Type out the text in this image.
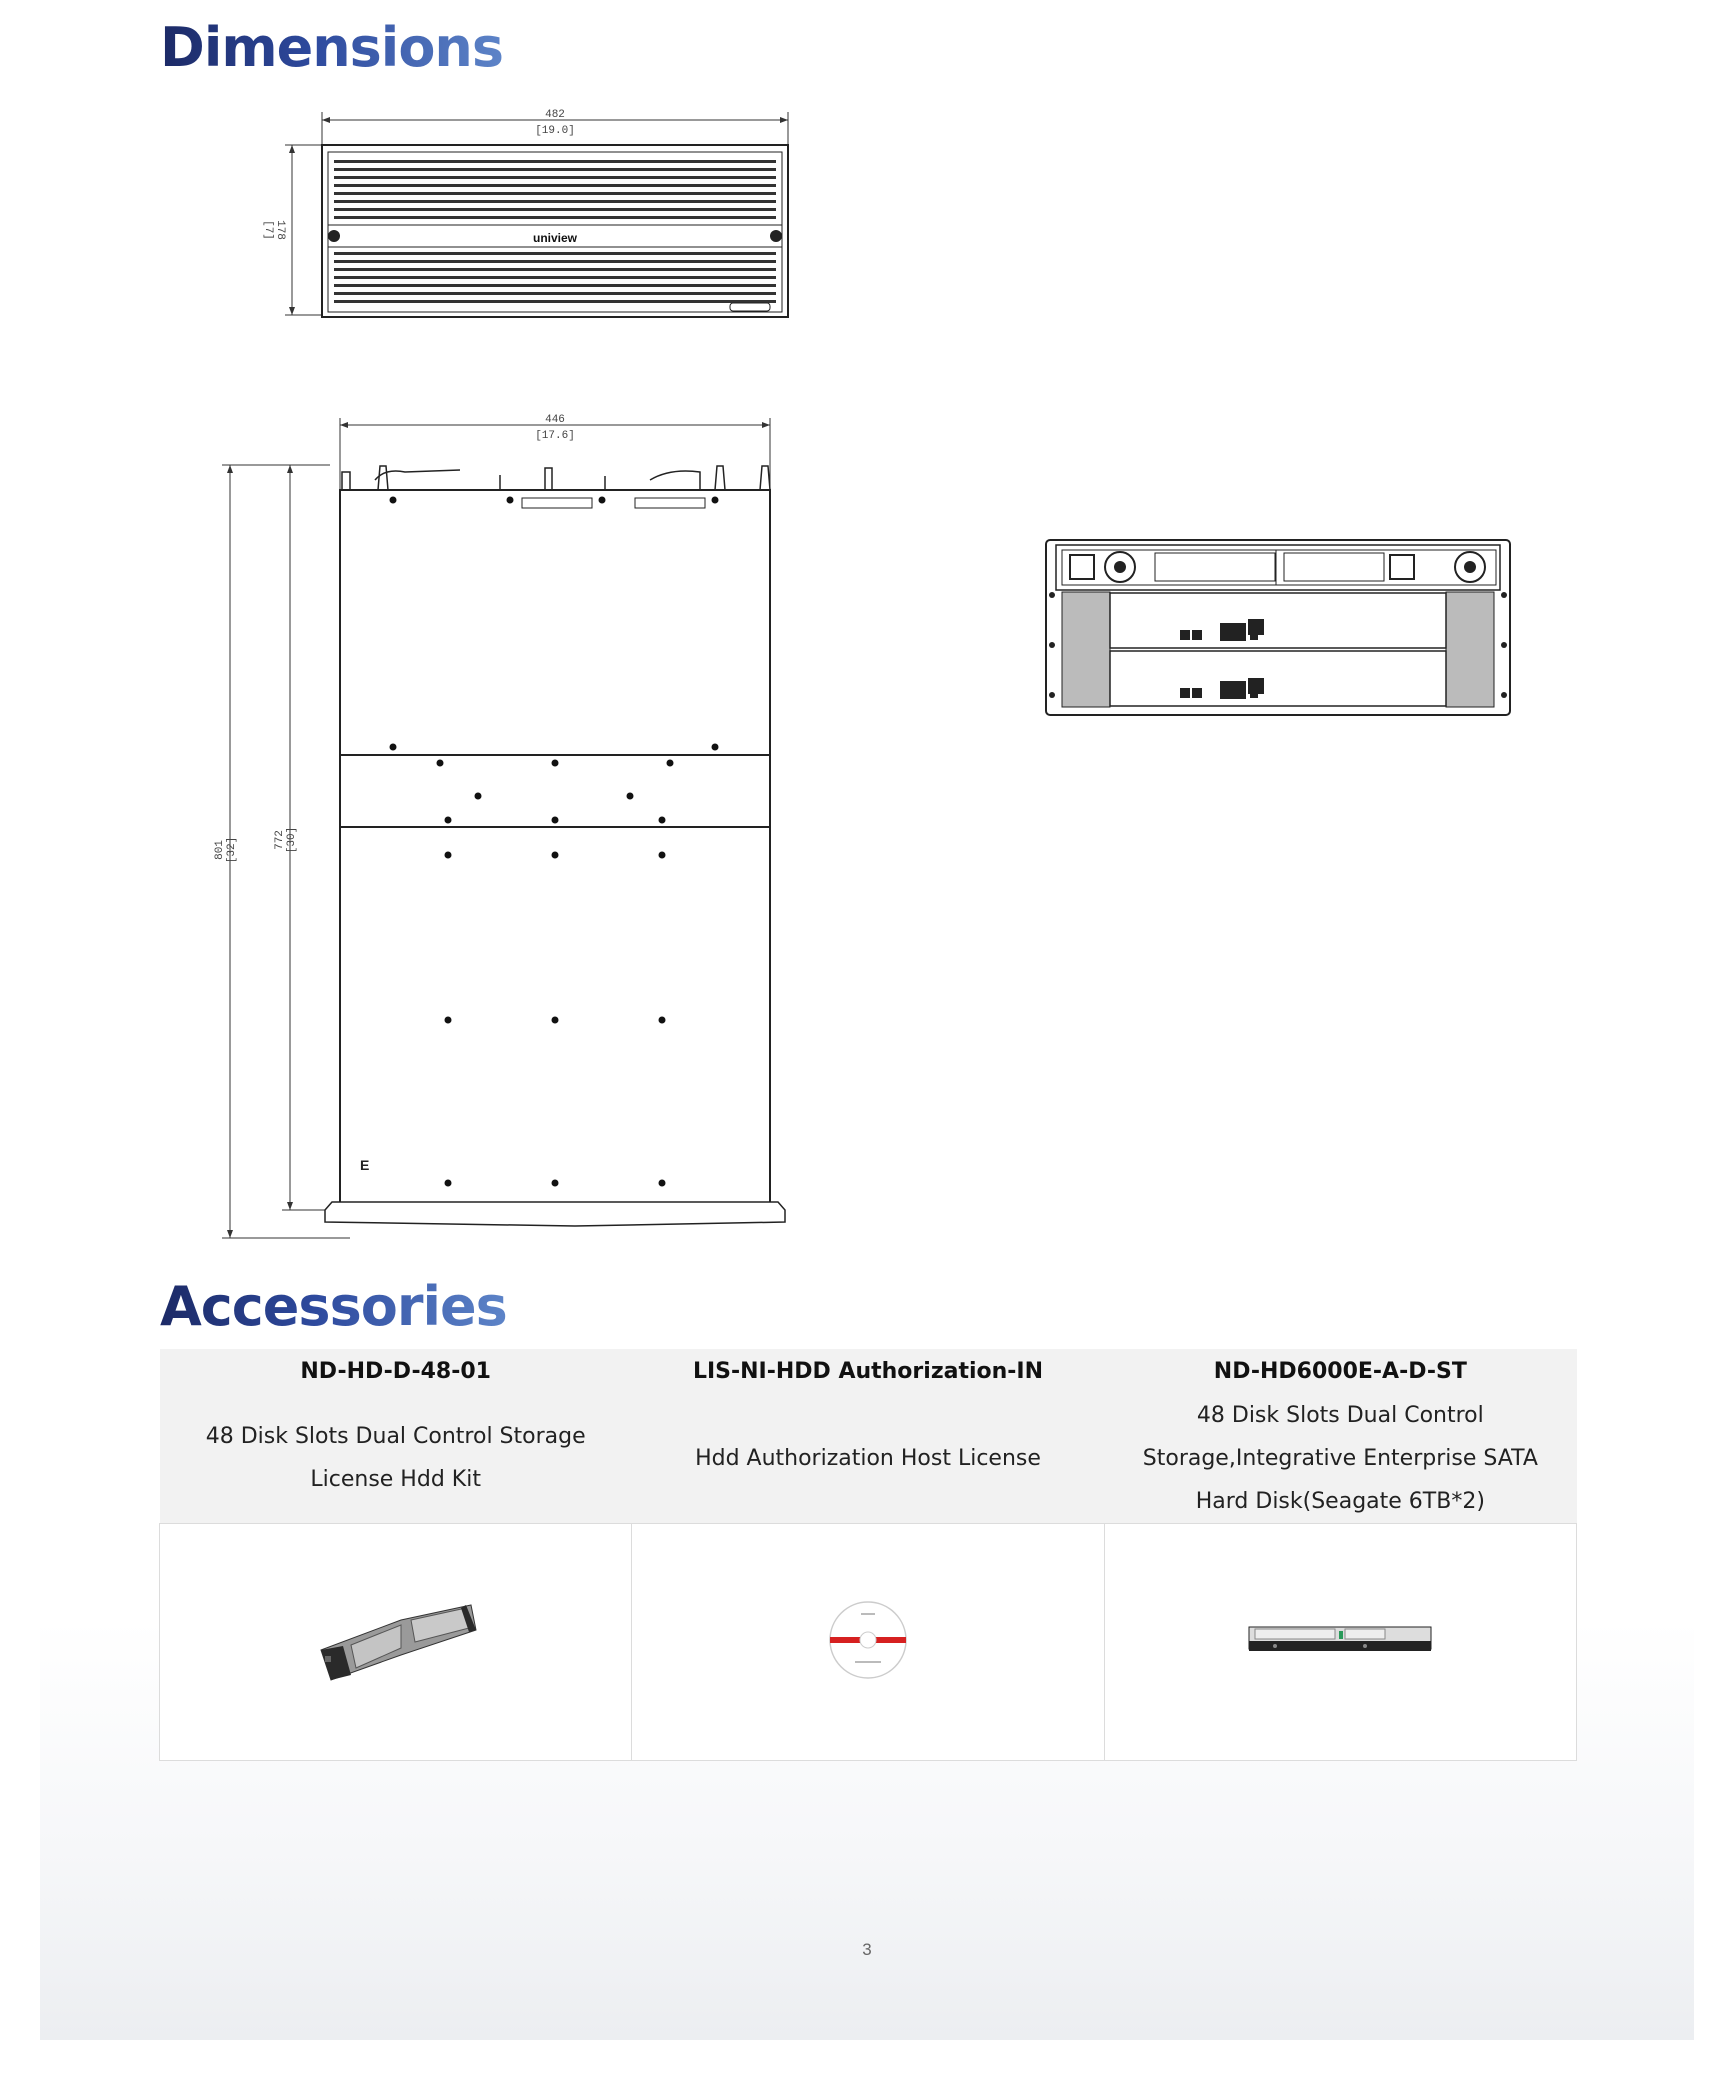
Dimensions
482
[19.0]
178
[7]	uniview
446
[17.6]
801 [32]	772 [30]
E
Accessories
ND-HD-D-48-01	LIS-NI-HDD Authorization-IN	ND-HD6000E-A-D-ST
48 Disk Slots Dual Control Storage License Hdd Kit	Hdd Authorization Host License	48 Disk Slots Dual Control Storage,Integrative Enterprise SATA Hard Disk(Seagate 6TB*2)

3
